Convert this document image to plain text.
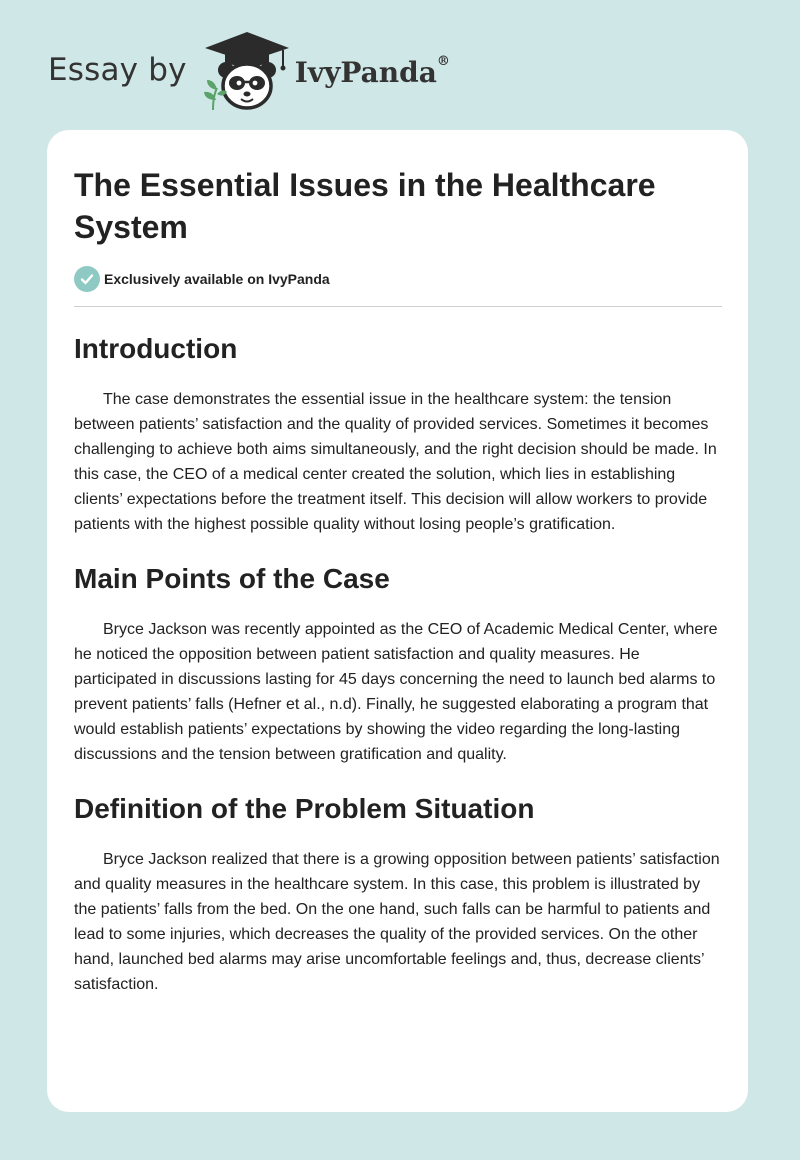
Essay by	IvyPanda®
The Essential Issues in the Healthcare System
Exclusively available on IvyPanda
Introduction

The case demonstrates the essential issue in the healthcare system: the tension between patients’ satisfaction and the quality of provided services. Sometimes it becomes challenging to achieve both aims simultaneously, and the right decision should be made. In this case, the CEO of a medical center created the solution, which lies in establishing clients’ expectations before the treatment itself. This decision will allow workers to provide patients with the highest possible quality without losing people’s gratification.

Main Points of the Case

Bryce Jackson was recently appointed as the CEO of Academic Medical Center, where he noticed the opposition between patient satisfaction and quality measures. He participated in discussions lasting for 45 days concerning the need to launch bed alarms to prevent patients’ falls (Hefner et al., n.d). Finally, he suggested elaborating a program that would establish patients’ expectations by showing the video regarding the long-lasting discussions and the tension between gratification and quality.

Definition of the Problem Situation

Bryce Jackson realized that there is a growing opposition between patients’ satisfaction and quality measures in the healthcare system. In this case, this problem is illustrated by the patients’ falls from the bed. On the one hand, such falls can be harmful to patients and lead to some injuries, which decreases the quality of the provided services. On the other hand, launched bed alarms may arise uncomfortable feelings and, thus, decrease clients’ satisfaction.
